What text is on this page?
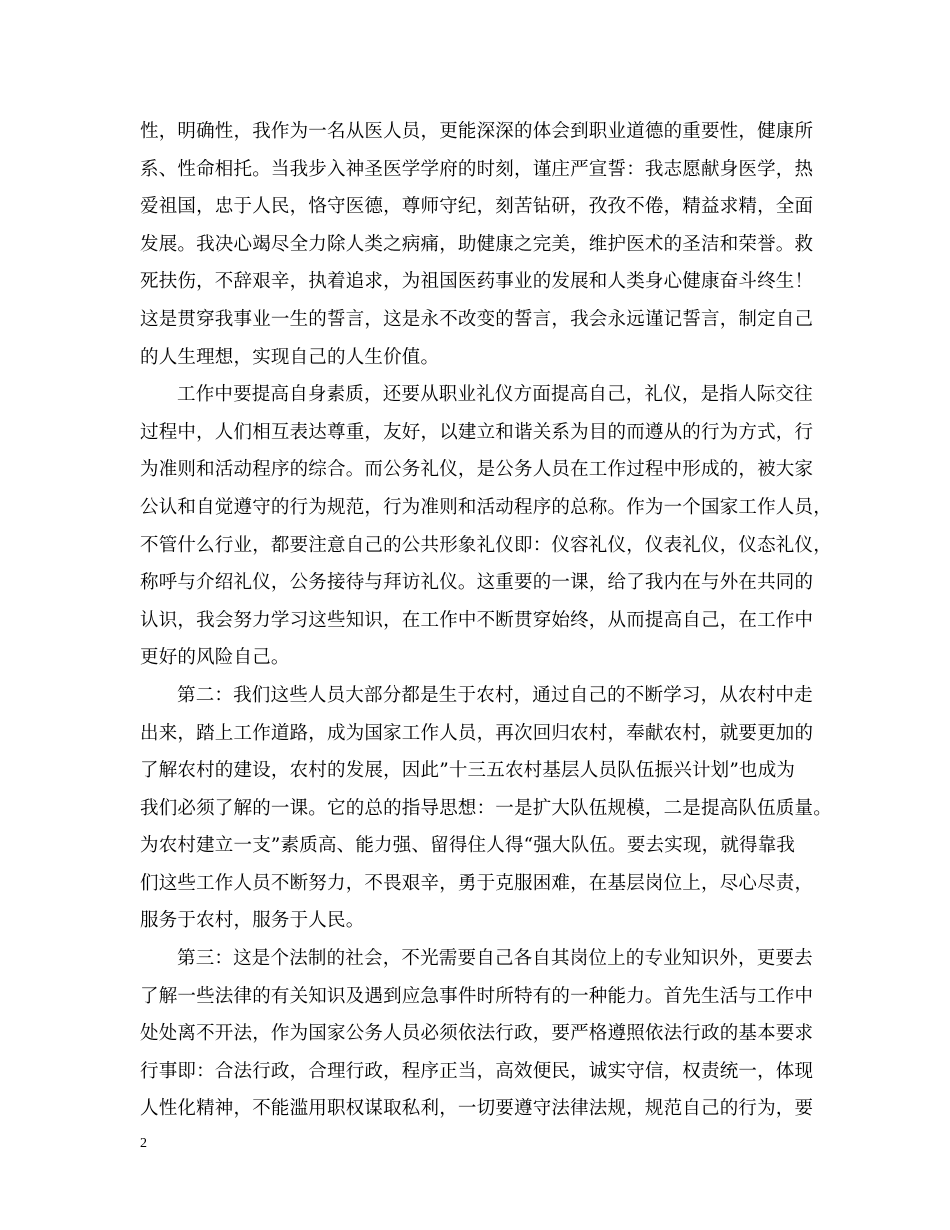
性，明确性，我作为一名从医人员，更能深深的体会到职业道德的重要性，健康所
系、性命相托。当我步入神圣医学学府的时刻，谨庄严宣誓：我志愿献身医学，热
爱祖国，忠于人民，恪守医德，尊师守纪，刻苦钻研，孜孜不倦，精益求精，全面
发展。我决心竭尽全力除人类之病痛，助健康之完美，维护医术的圣洁和荣誉。救
死扶伤，不辞艰辛，执着追求，为祖国医药事业的发展和人类身心健康奋斗终生！
这是贯穿我事业一生的誓言，这是永不改变的誓言，我会永远谨记誓言，制定自己
的人生理想，实现自己的人生价值。
工作中要提高自身素质，还要从职业礼仪方面提高自己，礼仪，是指人际交往
过程中，人们相互表达尊重，友好，以建立和谐关系为目的而遵从的行为方式，行
为准则和活动程序的综合。而公务礼仪，是公务人员在工作过程中形成的，被大家
公认和自觉遵守的行为规范，行为准则和活动程序的总称。作为一个国家工作人员，
不管什么行业，都要注意自己的公共形象礼仪即：仪容礼仪，仪表礼仪，仪态礼仪，
称呼与介绍礼仪，公务接待与拜访礼仪。这重要的一课，给了我内在与外在共同的
认识，我会努力学习这些知识，在工作中不断贯穿始终，从而提高自己，在工作中
更好的风险自己。
第二：我们这些人员大部分都是生于农村，通过自己的不断学习，从农村中走
出来，踏上工作道路，成为国家工作人员，再次回归农村，奉献农村，就要更加的
了解农村的建设，农村的发展，因此”十三五农村基层人员队伍振兴计划”也成为
我们必须了解的一课。它的总的指导思想：一是扩大队伍规模，二是提高队伍质量。
为农村建立一支”素质高、能力强、留得住人得“强大队伍。要去实现，就得靠我
们这些工作人员不断努力，不畏艰辛，勇于克服困难，在基层岗位上，尽心尽责，
服务于农村，服务于人民。
第三：这是个法制的社会，不光需要自己各自其岗位上的专业知识外，更要去
了解一些法律的有关知识及遇到应急事件时所特有的一种能力。首先生活与工作中
处处离不开法，作为国家公务人员必须依法行政，要严格遵照依法行政的基本要求
行事即：合法行政，合理行政，程序正当，高效便民，诚实守信，权责统一，体现
人性化精神，不能滥用职权谋取私利，一切要遵守法律法规，规范自己的行为，要
2
